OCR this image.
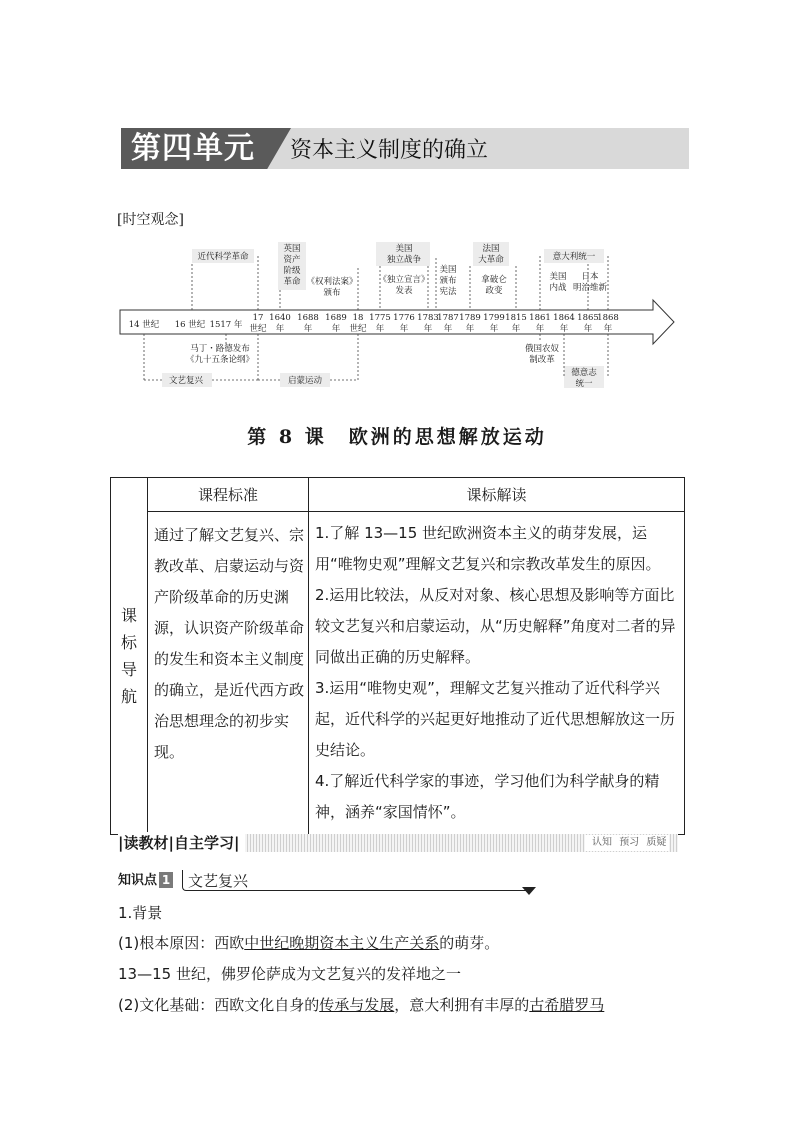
第四单元 资本主义制度的确立
[时空观念]
14 世纪 16 世纪 1517 年
17
世纪
1640
年
1688
年
1689
年
18
世纪
1775
年
1776
年
1783
年
1787
年
1789
年
1799
年
1815
年
1861
年
1864
年
1865
年
1868
年
近代科学革命
英国
资产
阶级
革命 《权利法案》
颁布
美国
独立战争
《独立宣言》
发表
美国
颁布
宪法
法国
大革命
拿破仑
政变
意大利统一
美国
内战
日本
明治维新
马丁・路德发布
《九十五条论纲》
文艺复兴	启蒙运动
俄国农奴
制改革
德意志
统一
第 8 课　欧洲的思想解放运动
课
标
导
航	课程标准	课标解读
	通过了解文艺复兴、宗教改革、启蒙运动与资产阶级革命的历史渊源，认识资产阶级革命的发生和资本主义制度的确立，是近代西方政治思想理念的初步实现。	1.了解 13—15 世纪欧洲资本主义的萌芽发展，运用“唯物史观”理解文艺复兴和宗教改革发生的原因。

2.运用比较法，从反对对象、核心思想及影响等方面比较文艺复兴和启蒙运动，从“历史解释”角度对二者的异同做出正确的历史解释。

3.运用“唯物史观”，理解文艺复兴推动了近代科学兴起，近代科学的兴起更好地推动了近代思想解放这一历史结论。

4.了解近代科学家的事迹，学习他们为科学献身的精神，涵养“家国情怀”。

|读教材|自主学习|	认知 预习 质疑
知识点 1 文艺复兴
1.背景
(1)根本原因：西欧中世纪晚期资本主义生产关系的萌芽。
13—15 世纪，佛罗伦萨成为文艺复兴的发祥地之一
(2)文化基础：西欧文化自身的传承与发展，意大利拥有丰厚的古希腊罗马
